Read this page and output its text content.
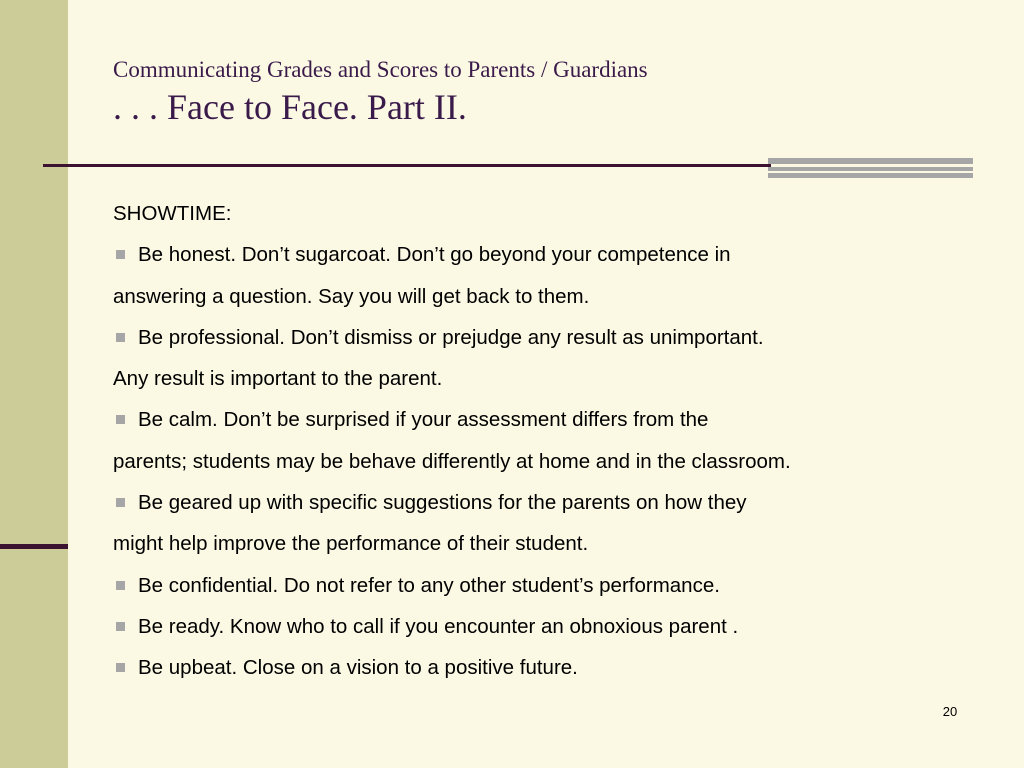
Communicating Grades and Scores to Parents / Guardians
. . . Face to Face. Part II.
SHOWTIME:
Be honest. Don’t sugarcoat. Don’t go beyond your competence in
answering a question. Say you will get back to them.
Be professional. Don’t dismiss or prejudge any result as unimportant.
Any result is important to the parent.
Be calm. Don’t be surprised if your assessment differs from the
parents; students may be behave differently at home and in the classroom.
Be geared up with specific suggestions for the parents on how they
might help improve the performance of their student.
Be confidential. Do not refer to any other student’s performance.
Be ready. Know who to call if you encounter an obnoxious parent .
Be upbeat. Close on a vision to a positive future.
20
